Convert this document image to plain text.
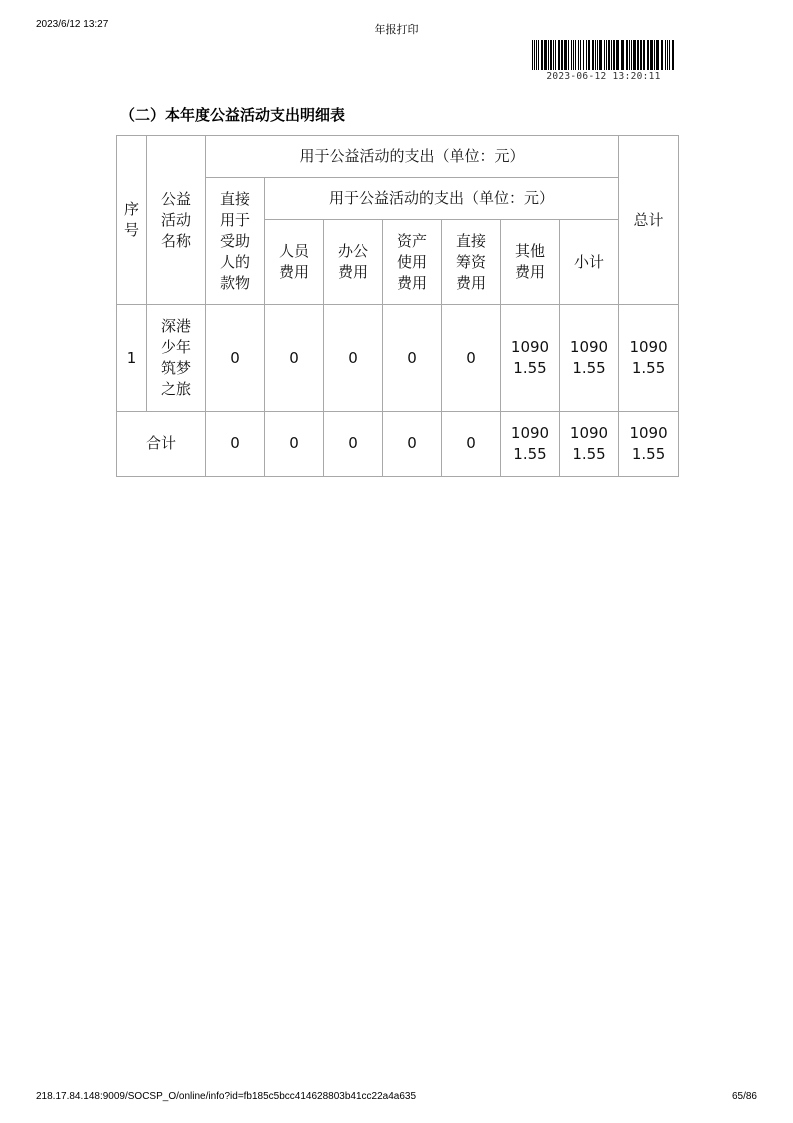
2023/6/12 13:27	年报打印
2023-06-12 13:20:11
（二）本年度公益活动支出明细表
序号	公益活动名称	用于公益活动的支出（单位：元）							总计
		直接用于受助人的款物	用于公益活动的支出（单位：元）						
			人员费用	办公费用	资产使用费用	直接筹资费用	其他费用	小计	
1	深港少年筑梦之旅	0	0	0	0	0	10901.55	10901.55	10901.55
合计		0	0	0	0	0	10901.55	10901.55	10901.55
218.17.84.148:9009/SOCSP_O/online/info?id=fb185c5bcc414628803b41cc22a4a635	65/86
